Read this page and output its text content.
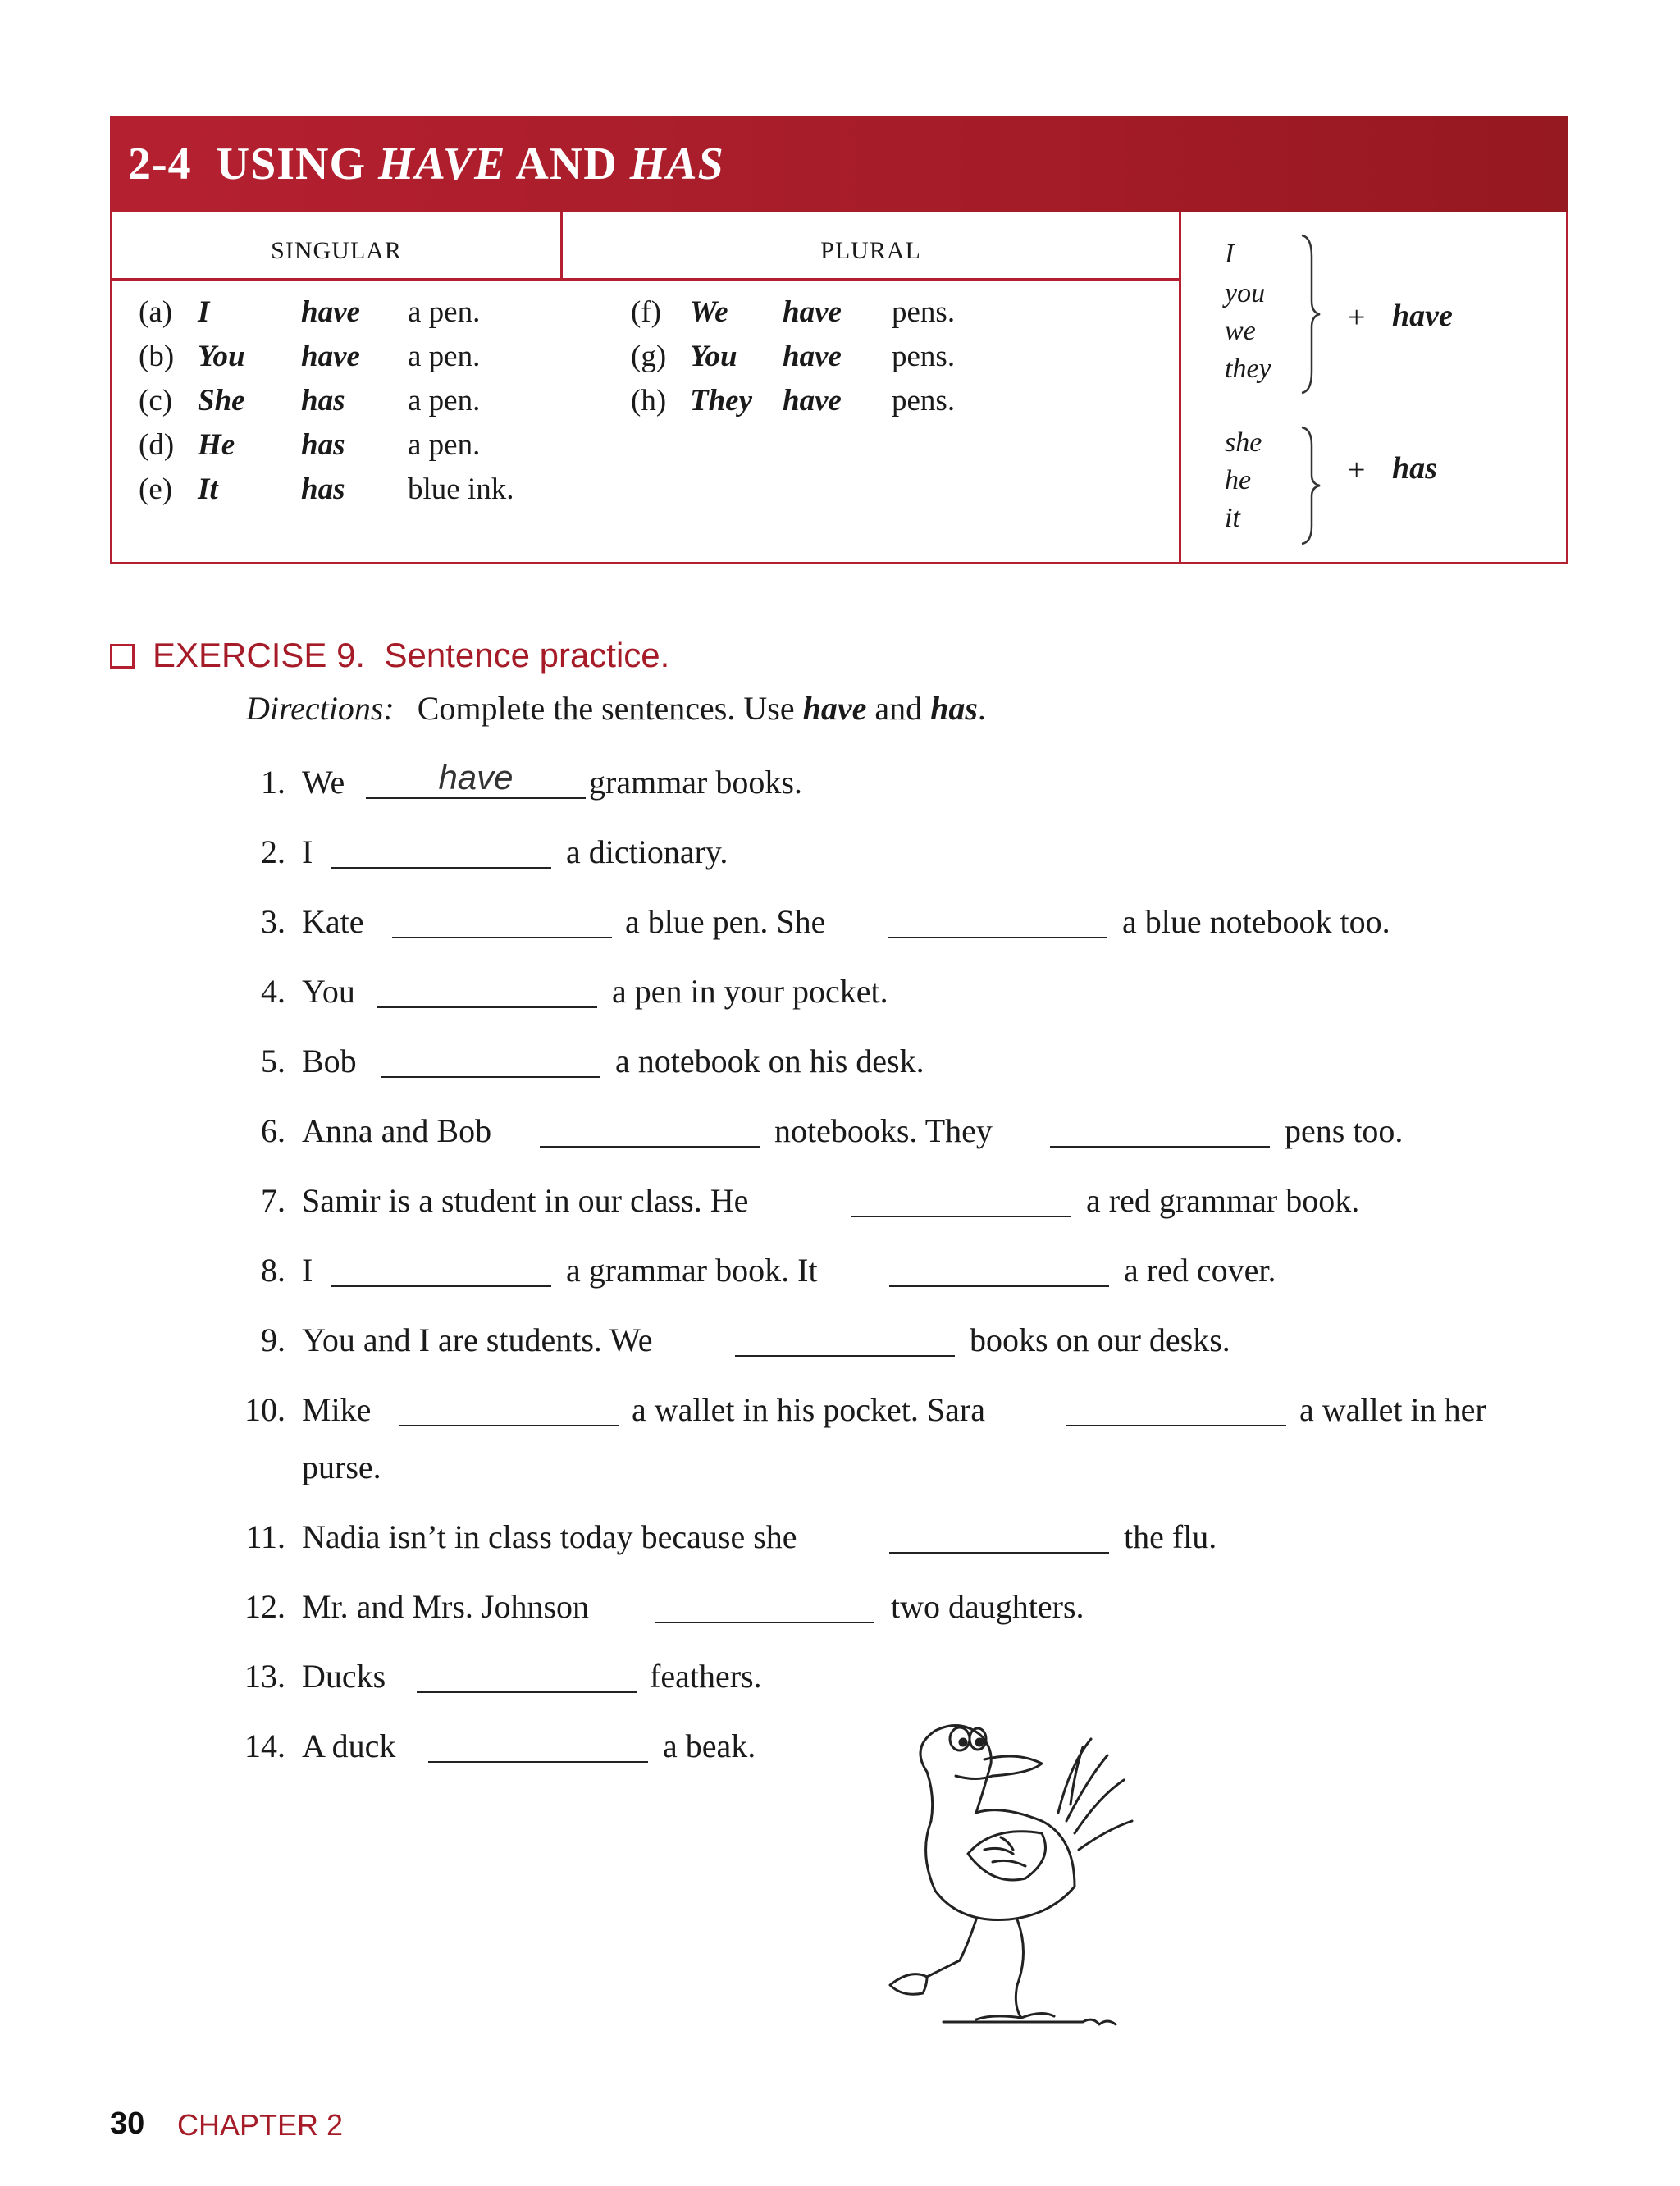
2-4 USING HAVE AND HAS
SINGULAR	PLURAL
(a) I	have a pen.
(b) You have a pen.
(c) She has a pen.
(d) He has a pen.
(e) It	has blue ink.
(f) We have pens.
(g) You have pens.
(h) They have pens.
I
you
we
they
+ have
she
he
it
+ has
EXERCISE 9. Sentence practice.
Directions: Complete the sentences. Use have and has.
1. We	have	grammar books.
2. I	a dictionary.
3. Kate	a blue pen. She	a blue notebook too.
4. You	a pen in your pocket.
5. Bob	a notebook on his desk.
6. Anna and Bob	notebooks. They	pens too.
7. Samir is a student in our class. He	a red grammar book.
8. I	a grammar book. It	a red cover.
9. You and I are students. We	books on our desks.
10. Mike	a wallet in his pocket. Sara	a wallet in her
purse.
11. Nadia isn’t in class today because she	the flu.
12. Mr. and Mrs. Johnson	two daughters.
13. Ducks	feathers.
14. A duck	a beak.
30 CHAPTER 2
